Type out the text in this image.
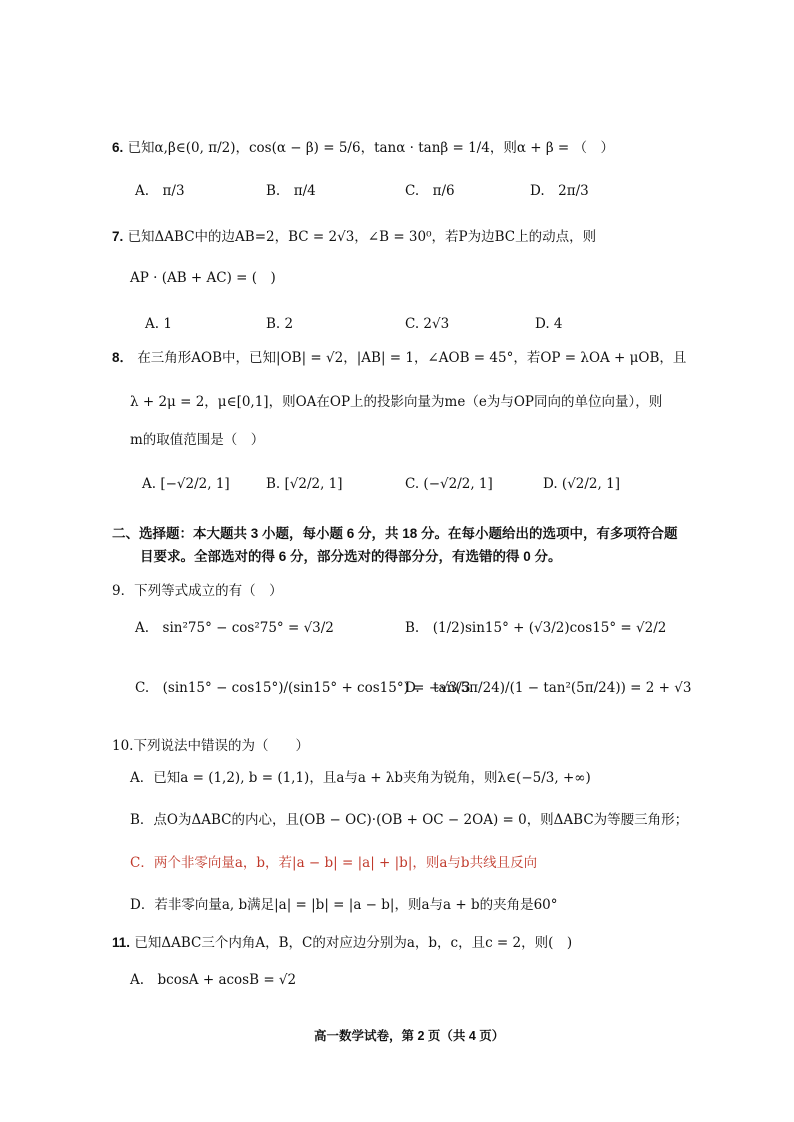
6. 已知α,β∈(0, π/2)，cos(α − β) = 5/6，tanα · tanβ = 1/4，则α + β = （　）
A.　π/3	B.　π/4	C.　π/6	D.　2π/3
7. 已知ΔABC中的边AB=2，BC = 2√3，∠B = 30⁰，若P为边BC上的动点，则
AP · (AB + AC) = (　)
A. 1	B. 2	C. 2√3	D. 4
8． 在三角形AOB中，已知|OB| = √2，|AB| = 1，∠AOB = 45°，若OP = λOA + μOB，且
λ + 2μ = 2，μ∈[0,1]，则OA在OP上的投影向量为me（e为与OP同向的单位向量），则
m的取值范围是（　）
A. [−√2/2, 1]	B. [√2/2, 1]	C. (−√2/2, 1]	D. (√2/2, 1]
二、选择题：本大题共 3 小题，每小题 6 分，共 18 分。在每小题给出的选项中，有多项符合题
目要求。全部选对的得 6 分，部分选对的得部分分，有选错的得 0 分。
9．下列等式成立的有（　）
A.　sin²75° − cos²75° = √3/2	B.　(1/2)sin15° + (√3/2)cos15° = √2/2
C.　(sin15° − cos15°)/(sin15° + cos15°) = −√3/3
D.　tan(5π/24)/(1 − tan²(5π/24)) = 2 + √3
10.下列说法中错误的为（　　）
A．已知a = (1,2), b = (1,1)，且a与a + λb夹角为锐角，则λ∈(−5/3, +∞)
B．点O为ΔABC的内心，且(OB − OC)·(OB + OC − 2OA) = 0，则ΔABC为等腰三角形；
C．两个非零向量a，b，若|a − b| = |a| + |b|，则a与b共线且反向
D．若非零向量a, b满足|a| = |b| = |a − b|，则a与a + b的夹角是60°
11. 已知ΔABC三个内角A，B，C的对应边分别为a，b，c，且c = 2，则(　)
A.　bcosA + acosB = √2
高一数学试卷，第 2 页（共 4 页）
